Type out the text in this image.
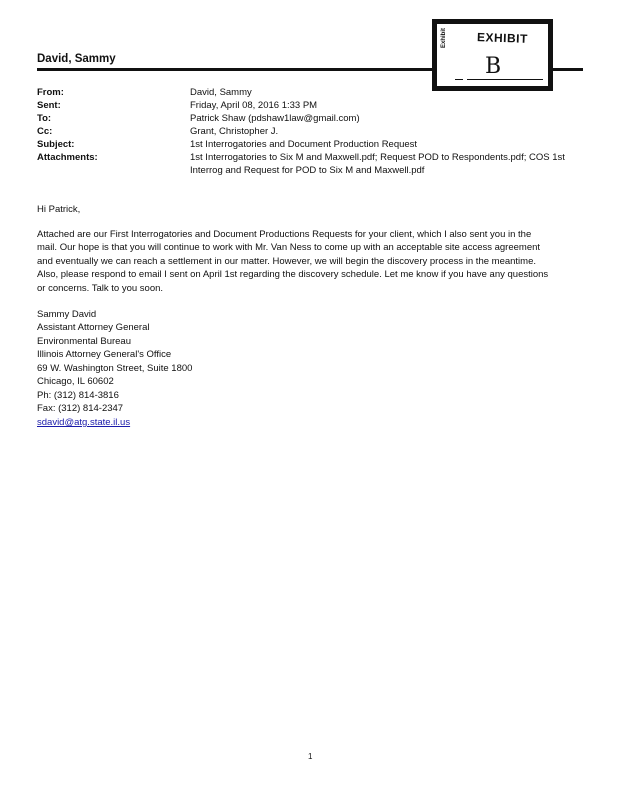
David, Sammy
EXHIBIT
Exhibit
B
From:	David, Sammy
Sent:	Friday, April 08, 2016 1:33 PM
To:	Patrick Shaw (pdshaw1law@gmail.com)
Cc:	Grant, Christopher J.
Subject:	1st Interrogatories and Document Production Request
Attachments:	1st Interrogatories to Six M and Maxwell.pdf; Request POD to Respondents.pdf; COS 1st Interrog and Request for POD to Six M and Maxwell.pdf
Hi Patrick,
Attached are our First Interrogatories and Document Productions Requests for your client, which I also sent you in the
mail. Our hope is that you will continue to work with Mr. Van Ness to come up with an acceptable site access agreement
and eventually we can reach a settlement in our matter. However, we will begin the discovery process in the meantime.
Also, please respond to email I sent on April 1st regarding the discovery schedule. Let me know if you have any questions
or concerns. Talk to you soon.
Sammy David
Assistant Attorney General
Environmental Bureau
Illinois Attorney General's Office
69 W. Washington Street, Suite 1800
Chicago, IL 60602
Ph: (312) 814-3816
Fax: (312) 814-2347
sdavid@atg.state.il.us
1
